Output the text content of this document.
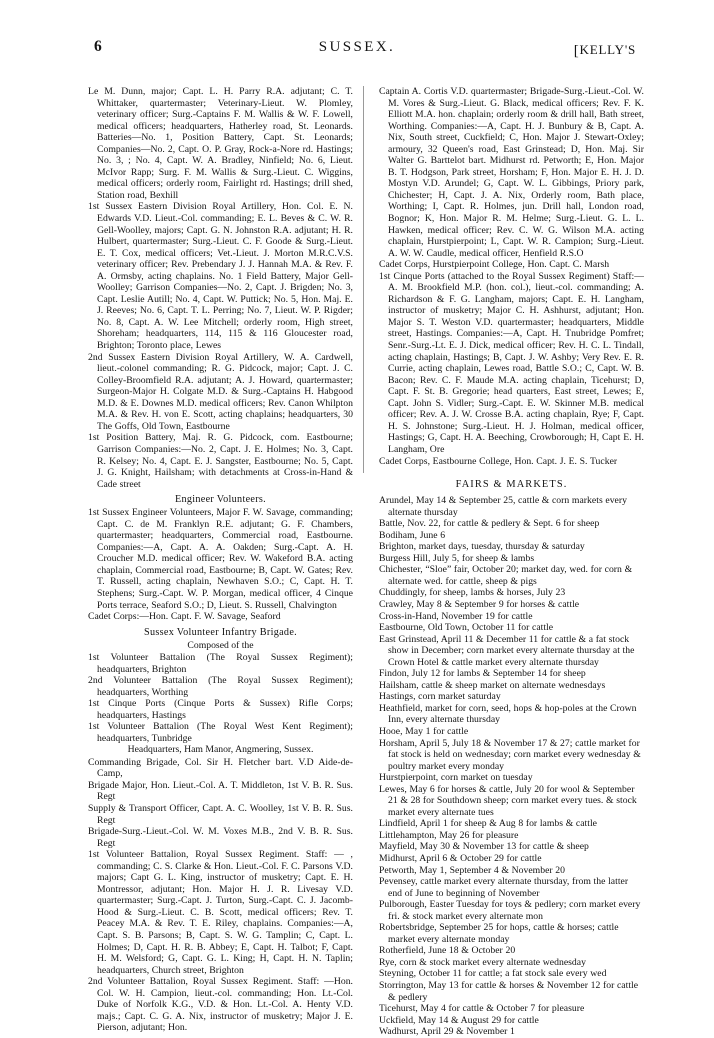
6	SUSSEX.	[KELLY'S

Le M. Dunn, major; Capt. L. H. Parry R.A. adjutant; C. T. Whittaker, quartermaster; Veterinary-Lieut. W. Plomley, veterinary officer; Surg.-Captains F. M. Wallis & W. F. Lowell, medical officers; headquarters, Hatherley road, St. Leonards. Batteries—No. 1, Position Battery, Capt. St. Leonards; Companies—No. 2, Capt. O. P. Gray, Rock-a-Nore rd. Hastings; No. 3, ; No. 4, Capt. W. A. Bradley, Ninfield; No. 6, Lieut. McIvor Rapp; Surg. F. M. Wallis & Surg.-Lieut. C. Wiggins, medical officers; orderly room, Fairlight rd. Hastings; drill shed, Station road, Bexhill

1st Sussex Eastern Division Royal Artillery, Hon. Col. E. N. Edwards V.D. Lieut.-Col. commanding; E. L. Beves & C. W. R. Gell-Woolley, majors; Capt. G. N. Johnston R.A. adjutant; H. R. Hulbert, quartermaster; Surg.-Lieut. C. F. Goode & Surg.-Lieut. E. T. Cox, medical officers; Vet.-Lieut. J. Morton M.R.C.V.S. veterinary officer; Rev. Prebendary J. J. Hannah M.A. & Rev. F. A. Ormsby, acting chaplains. No. 1 Field Battery, Major Gell-Woolley; Garrison Companies—No. 2, Capt. J. Brigden; No. 3, Capt. Leslie Autill; No. 4, Capt. W. Puttick; No. 5, Hon. Maj. E. J. Reeves; No. 6, Capt. T. L. Perring; No. 7, Lieut. W. P. Rigder; No. 8, Capt. A. W. Lee Mitchell; orderly room, High street, Shoreham; headquarters, 114, 115 & 116 Gloucester road, Brighton; Toronto place, Lewes

2nd Sussex Eastern Division Royal Artillery, W. A. Cardwell, lieut.-colonel commanding; R. G. Pidcock, major; Capt. J. C. Colley-Broomfield R.A. adjutant; A. J. Howard, quartermaster; Surgeon-Major H. Colgate M.D. & Surg.-Captains H. Habgood M.D. & E. Downes M.D. medical officers; Rev. Canon Whilpton M.A. & Rev. H. von E. Scott, acting chaplains; headquarters, 30 The Goffs, Old Town, Eastbourne

1st Position Battery, Maj. R. G. Pidcock, com. Eastbourne; Garrison Companies:—No. 2, Capt. J. E. Holmes; No. 3, Capt. R. Kelsey; No. 4, Capt. E. J. Sangster, Eastbourne; No. 5, Capt. J. G. Knight, Hailsham; with detachments at Cross-in-Hand & Cade street

Engineer Volunteers.

1st Sussex Engineer Volunteers, Major F. W. Savage, commanding; Capt. C. de M. Franklyn R.E. adjutant; G. F. Chambers, quartermaster; headquarters, Commercial road, Eastbourne. Companies:—A, Capt. A. A. Oakden; Surg.-Capt. A. H. Croucher M.D. medical officer; Rev. W. Wakeford B.A. acting chaplain, Commercial road, Eastbourne; B, Capt. W. Gates; Rev. T. Russell, acting chaplain, Newhaven S.O.; C, Capt. H. T. Stephens; Surg.-Capt. W. P. Morgan, medical officer, 4 Cinque Ports terrace, Seaford S.O.; D, Lieut. S. Russell, Chalvington

Cadet Corps:—Hon. Capt. F. W. Savage, Seaford

Sussex Volunteer Infantry Brigade.
Composed of the

1st Volunteer Battalion (The Royal Sussex Regiment); headquarters, Brighton

2nd Volunteer Battalion (The Royal Sussex Regiment); headquarters, Worthing

1st Cinque Ports (Cinque Ports & Sussex) Rifle Corps; headquarters, Hastings

1st Volunteer Battalion (The Royal West Kent Regiment); headquarters, Tunbridge

Headquarters, Ham Manor, Angmering, Sussex.

Commanding Brigade, Col. Sir H. Fletcher bart. V.D Aide-de-Camp,

Brigade Major, Hon. Lieut.-Col. A. T. Middleton, 1st V. B. R. Sus. Regt

Supply & Transport Officer, Capt. A. C. Woolley, 1st V. B. R. Sus. Regt

Brigade-Surg.-Lieut.-Col. W. M. Voxes M.B., 2nd V. B. R. Sus. Regt

1st Volunteer Battalion, Royal Sussex Regiment. Staff: — , commanding; C. S. Clarke & Hon. Lieut.-Col. F. C. Parsons V.D. majors; Capt G. L. King, instructor of musketry; Capt. E. H. Montressor, adjutant; Hon. Major H. J. R. Livesay V.D. quartermaster; Surg.-Capt. J. Turton, Surg.-Capt. C. J. Jacomb-Hood & Surg.-Lieut. C. B. Scott, medical officers; Rev. T. Peacey M.A. & Rev. T. E. Riley, chaplains. Companies:—A, Capt. S. B. Parsons; B, Capt. S. W. G. Tamplin; C, Capt. L. Holmes; D, Capt. H. R. B. Abbey; E, Capt. H. Talbot; F, Capt. H. M. Welsford; G, Capt. G. L. King; H, Capt. H. N. Taplin; headquarters, Church street, Brighton

2nd Volunteer Battalion, Royal Sussex Regiment. Staff: —Hon. Col. W. H. Campion, lieut.-col. commanding; Hon. Lt.-Col. Duke of Norfolk K.G., V.D. & Hon. Lt.-Col. A. Henty V.D. majs.; Capt. C. G. A. Nix, instructor of musketry; Major J. E. Pierson, adjutant; Hon.

Captain A. Cortis V.D. quartermaster; Brigade-Surg.-Lieut.-Col. W. M. Vores & Surg.-Lieut. G. Black, medical officers; Rev. F. K. Elliott M.A. hon. chaplain; orderly room & drill hall, Bath street, Worthing. Companies:—A, Capt. H. J. Bunbury & B, Capt. A. Nix, South street, Cuckfield; C, Hon. Major J. Stewart-Oxley; armoury, 32 Queen's road, East Grinstead; D, Hon. Maj. Sir Walter G. Barttelot bart. Midhurst rd. Petworth; E, Hon. Major B. T. Hodgson, Park street, Horsham; F, Hon. Major E. H. J. D. Mostyn V.D. Arundel; G, Capt. W. L. Gibbings, Priory park, Chichester; H, Capt. J. A. Nix, Orderly room, Bath place, Worthing; I, Capt. R. Holmes, jun. Drill hall, London road, Bognor; K, Hon. Major R. M. Helme; Surg.-Lieut. G. L. L. Hawken, medical officer; Rev. C. W. G. Wilson M.A. acting chaplain, Hurstpierpoint; L, Capt. W. R. Campion; Surg.-Lieut. A. W. W. Caudle, medical officer, Henfield R.S.O

Cadet Corps, Hurstpierpoint College, Hon. Capt. C. Marsh

1st Cinque Ports (attached to the Royal Sussex Regiment) Staff:—A. M. Brookfield M.P. (hon. col.), lieut.-col. commanding; A. Richardson & F. G. Langham, majors; Capt. E. H. Langham, instructor of musketry; Major C. H. Ashhurst, adjutant; Hon. Major S. T. Weston V.D. quartermaster; headquarters, Middle street, Hastings. Companies:—A, Capt. H. Tnubridge Pomfret; Senr.-Surg.-Lt. E. J. Dick, medical officer; Rev. H. C. L. Tindall, acting chaplain, Hastings; B, Capt. J. W. Ashby; Very Rev. E. R. Currie, acting chaplain, Lewes road, Battle S.O.; C, Capt. W. B. Bacon; Rev. C. F. Maude M.A. acting chaplain, Ticehurst; D, Capt. F. St. B. Gregorie; head quarters, East street, Lewes; E, Capt. John S. Vidler; Surg.-Capt. E. W. Skinner M.B. medical officer; Rev. A. J. W. Crosse B.A. acting chaplain, Rye; F, Capt. H. S. Johnstone; Surg.-Lieut. H. J. Holman, medical officer, Hastings; G, Capt. H. A. Beeching, Crowborough; H, Capt E. H. Langham, Ore

Cadet Corps, Eastbourne College, Hon. Capt. J. E. S. Tucker

FAIRS & MARKETS.

Arundel, May 14 & September 25, cattle & corn markets every alternate thursday

Battle, Nov. 22, for cattle & pedlery & Sept. 6 for sheep

Bodiham, June 6

Brighton, market days, tuesday, thursday & saturday

Burgess Hill, July 5, for sheep & lambs

Chichester, “Sloe” fair, October 20; market day, wed. for corn & alternate wed. for cattle, sheep & pigs

Chuddingly, for sheep, lambs & horses, July 23

Crawley, May 8 & September 9 for horses & cattle

Cross-in-Hand, November 19 for cattle

Eastbourne, Old Town, October 11 for cattle

East Grinstead, April 11 & December 11 for cattle & a fat stock show in December; corn market every alternate thursday at the Crown Hotel & cattle market every alternate thursday

Findon, July 12 for lambs & September 14 for sheep

Hailsham, cattle & sheep market on alternate wednesdays

Hastings, corn market saturday

Heathfield, market for corn, seed, hops & hop-poles at the Crown Inn, every alternate thursday

Hooe, May 1 for cattle

Horsham, April 5, July 18 & November 17 & 27; cattle market for fat stock is held on wednesday; corn market every wednesday & poultry market every monday

Hurstpierpoint, corn market on tuesday

Lewes, May 6 for horses & cattle, July 20 for wool & September 21 & 28 for Southdown sheep; corn market every tues. & stock market every alternate tues

Lindfield, April 1 for sheep & Aug 8 for lambs & cattle

Littlehampton, May 26 for pleasure

Mayfield, May 30 & November 13 for cattle & sheep

Midhurst, April 6 & October 29 for cattle

Petworth, May 1, September 4 & November 20

Pevensey, cattle market every alternate thursday, from the latter end of June to beginning of November

Pulborough, Easter Tuesday for toys & pedlery; corn market every fri. & stock market every alternate mon

Robertsbridge, September 25 for hops, cattle & horses; cattle market every alternate monday

Rotherfield, June 18 & October 20

Rye, corn & stock market every alternate wednesday

Steyning, October 11 for cattle; a fat stock sale every wed

Storrington, May 13 for cattle & horses & November 12 for cattle & pedlery

Ticehurst, May 4 for cattle & October 7 for pleasure

Uckfield, May 14 & August 29 for cattle

Wadhurst, April 29 & November 1
